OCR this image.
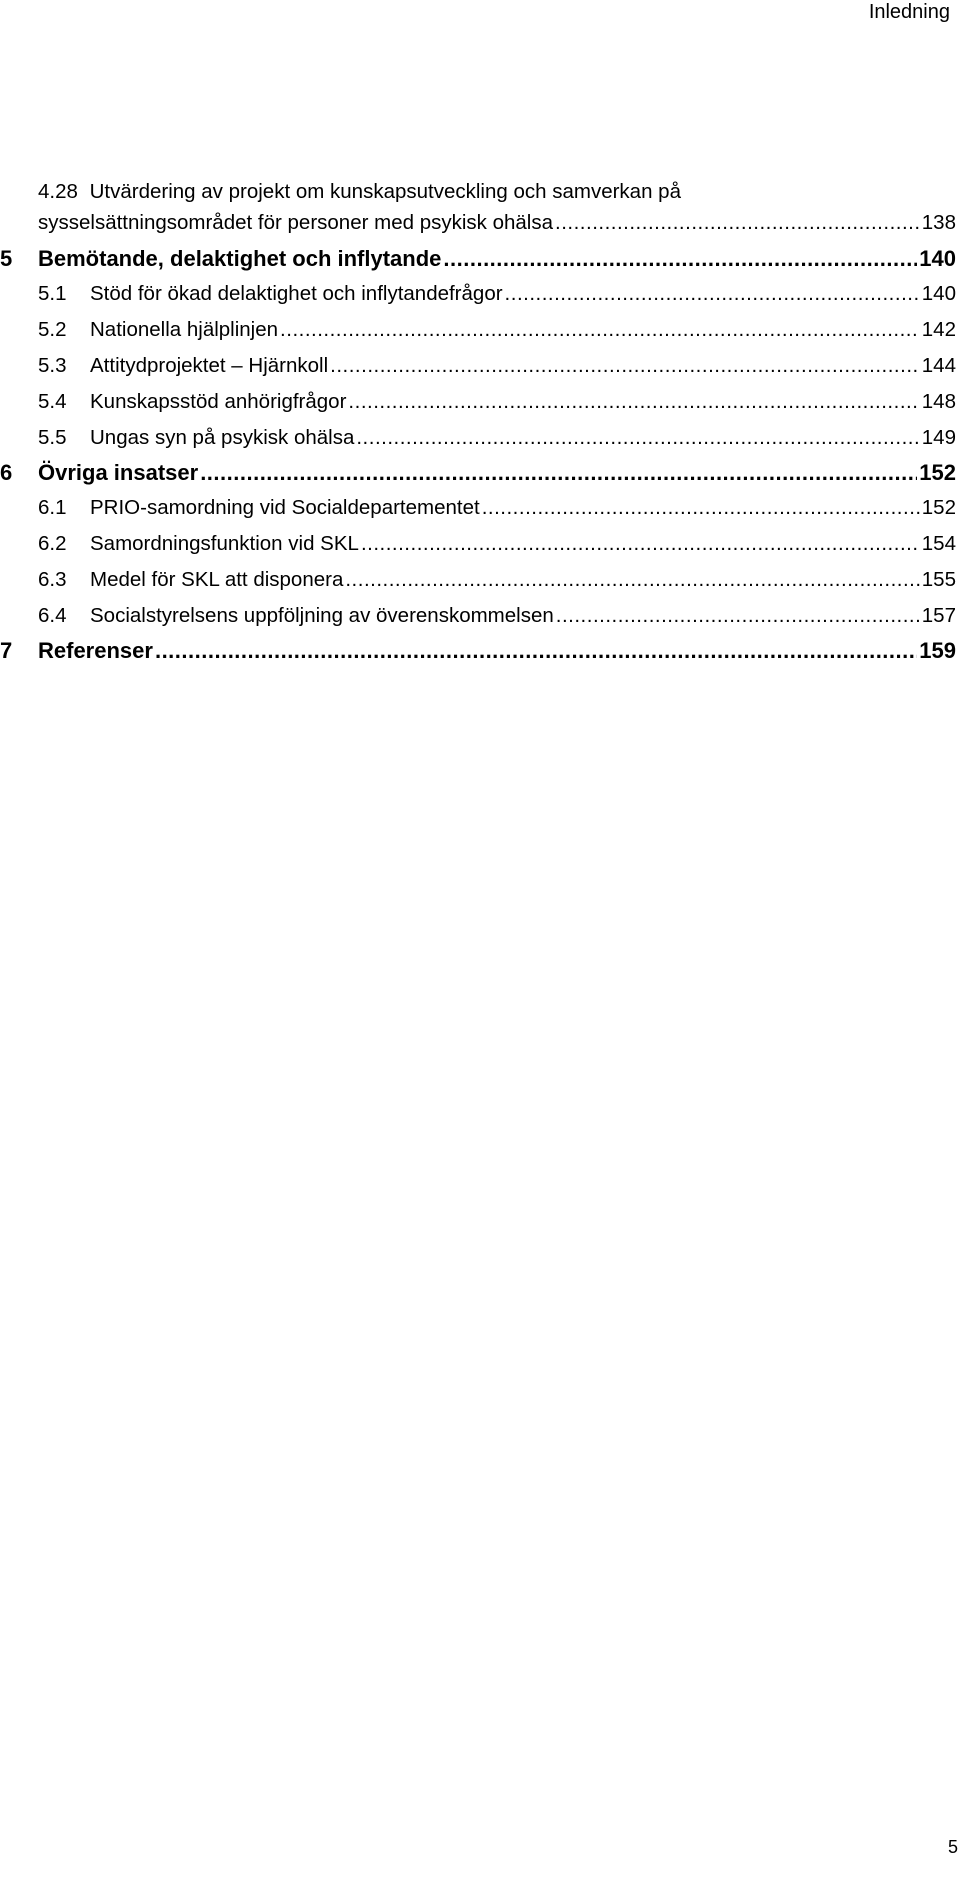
Inledning
4.28 Utvärdering av projekt om kunskapsutveckling och samverkan på
sysselsättningsområdet för personer med psykisk ohälsa .....	138
5	Bemötande, delaktighet och inflytande .....	140
5.1	Stöd för ökad delaktighet och inflytandefrågor .....	140
5.2	Nationella hjälplinjen .....	142
5.3	Attitydprojektet – Hjärnkoll .....	144
5.4	Kunskapsstöd anhörigfrågor .....	148
5.5	Ungas syn på psykisk ohälsa .....	149
6	Övriga insatser .....	152
6.1	PRIO-samordning vid Socialdepartementet .....	152
6.2	Samordningsfunktion vid SKL .....	154
6.3	Medel för SKL att disponera .....	155
6.4	Socialstyrelsens uppföljning av överenskommelsen .....	157
7	Referenser .....	159
5
